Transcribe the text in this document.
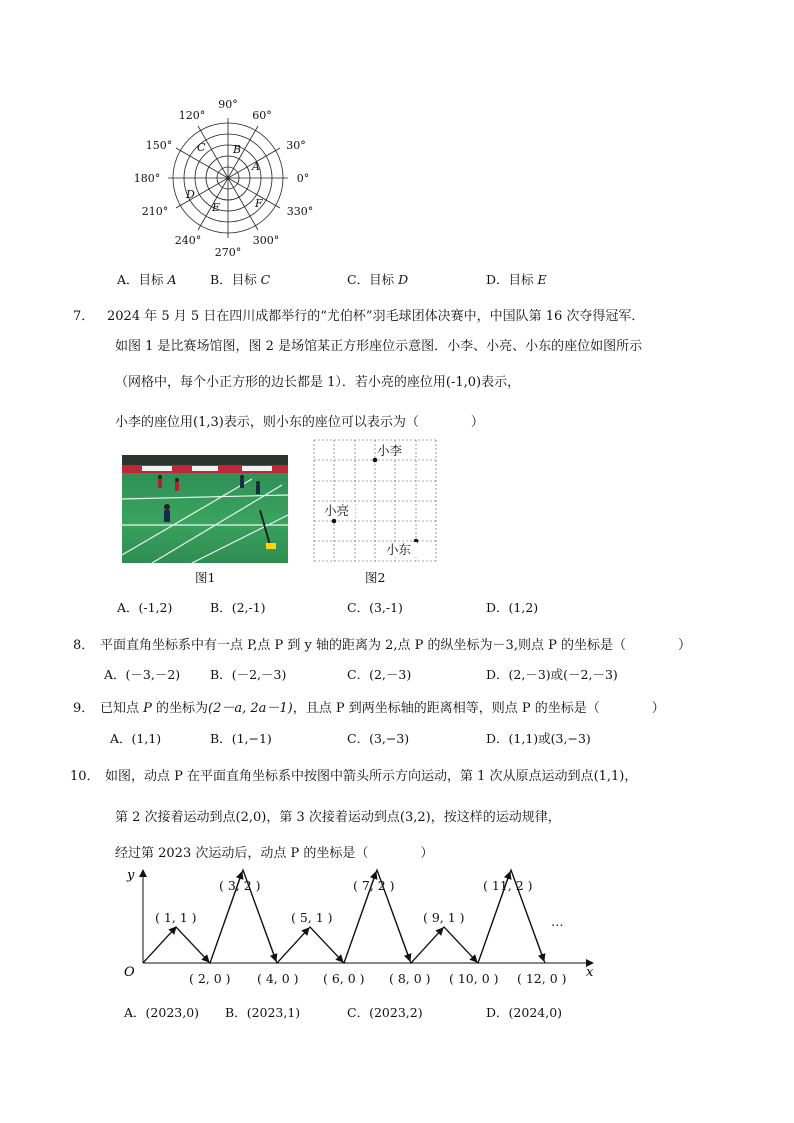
90°
60°
30°
0°
330°
300°
270°
240°
210°
180°
150°
120°
A
B
C
D
E	F
A．目标 A	B．目标 C	C．目标 D	D．目标 E
7． 2024 年 5 月 5 日在四川成都举行的“尤伯杯”羽毛球团体决赛中，中国队第 16 次夺得冠军．
如图 1 是比赛场馆图，图 2 是场馆某正方形座位示意图．小李、小亮、小东的座位如图所示
（网格中，每个小正方形的边长都是 1）．若小亮的座位用(-1,0)表示，
小李的座位用(1,3)表示，则小东的座位可以表示为（　　　　）
图1
小李
小亮
小东
图2
A．(-1,2)	B．(2,-1)	C．(3,-1)	D．(1,2)
8． 平面直角坐标系中有一点 P,点 P 到 y 轴的距离为 2,点 P 的纵坐标为－3,则点 P 的坐标是（　　　　）
A．(－3,－2) B．(－2,－3)	C．(2,－3)	D．(2,－3)或(－2,－3)
9． 已知点 P 的坐标为(2－a, 2a－1)，且点 P 到两坐标轴的距离相等，则点 P 的坐标是（　　　　）
A．(1,1)	B．(1,−1)	C．(3,−3)	D．(1,1)或(3,−3)
10． 如图，动点 P 在平面直角坐标系中按图中箭头所示方向运动，第 1 次从原点运动到点(1,1)，
第 2 次接着运动到点(2,0)，第 3 次接着运动到点(3,2)，按这样的运动规律，
经过第 2023 次运动后，动点 P 的坐标是（　　　　）
x
y
O
( 1, 1 )
( 3, 2 )
( 5, 1 )
( 7, 2 )
( 9, 1 )
( 11, 2 )
…
( 2, 0 ) ( 4, 0 ) ( 6, 0 ) ( 8, 0 ) ( 10, 0 ) ( 12, 0 )
A．(2023,0) B．(2023,1)	C．(2023,2)	D．(2024,0)
